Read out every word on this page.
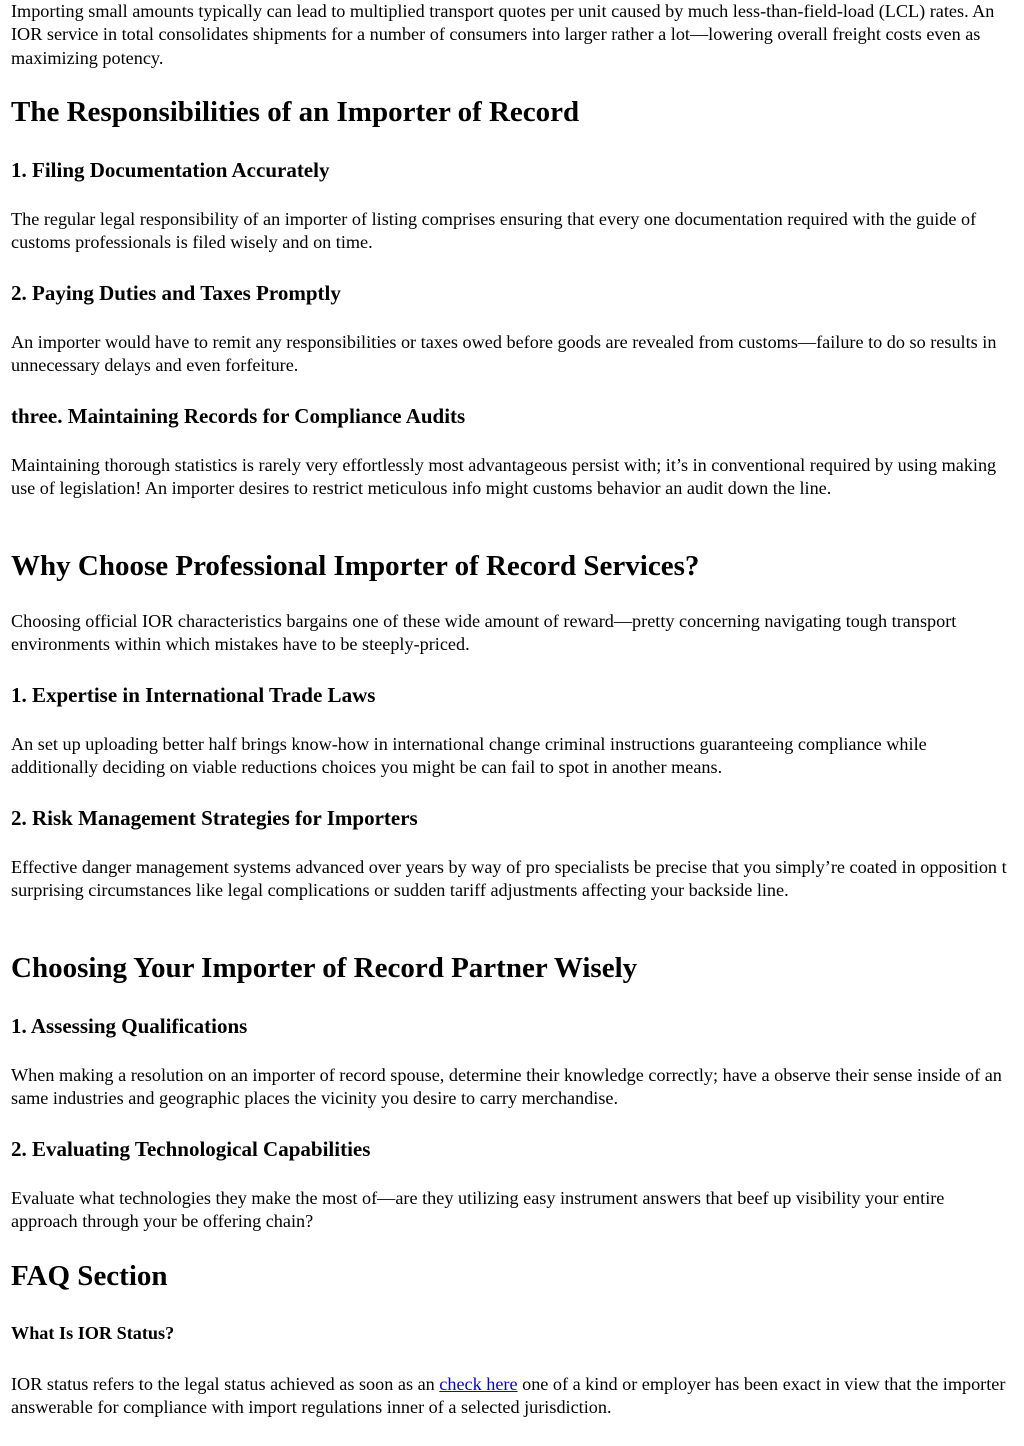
Importing small amounts typically can lead to multiplied transport quotes per unit caused by much less-than-field-load (LCL) rates. An IOR service in total consolidates shipments for a number of consumers into larger rather a lot—lowering overall freight costs even as maximizing potency.

The Responsibilities of an Importer of Record
1. Filing Documentation Accurately

The regular legal responsibility of an importer of listing comprises ensuring that every one documentation required with the guide of customs professionals is filed wisely and on time.

2. Paying Duties and Taxes Promptly

An importer would have to remit any responsibilities or taxes owed before goods are revealed from customs—failure to do so results in unnecessary delays and even forfeiture.

three. Maintaining Records for Compliance Audits

Maintaining thorough statistics is rarely very effortlessly most advantageous persist with; it’s in conventional required by using making use of legislation! An importer desires to restrict meticulous info might customs behavior an audit down the line.

Why Choose Professional Importer of Record Services?

Choosing official IOR characteristics bargains one of these wide amount of reward—pretty concerning navigating tough transport environments within which mistakes have to be steeply-priced.

1. Expertise in International Trade Laws

An set up uploading better half brings know-how in international change criminal instructions guaranteeing compliance while additionally deciding on viable reductions choices you might be can fail to spot in another means.

2. Risk Management Strategies for Importers

Effective danger management systems advanced over years by way of pro specialists be precise that you simply’re coated in opposition t surprising circumstances like legal complications or sudden tariff adjustments affecting your backside line.

Choosing Your Importer of Record Partner Wisely
1. Assessing Qualifications

When making a resolution on an importer of record spouse, determine their knowledge correctly; have a observe their sense inside of an same industries and geographic places the vicinity you desire to carry merchandise.

2. Evaluating Technological Capabilities

Evaluate what technologies they make the most of—are they utilizing easy instrument answers that beef up visibility your entire approach through your be offering chain?

FAQ Section
What Is IOR Status?

IOR status refers to the legal status achieved as soon as an check here one of a kind or employer has been exact in view that the importer answerable for compliance with import regulations inner of a selected jurisdiction.
